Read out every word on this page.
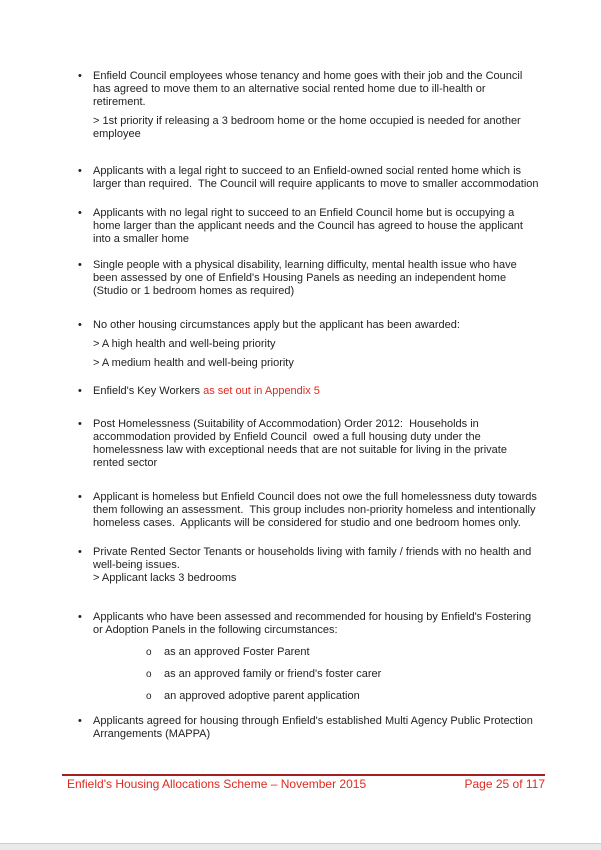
•	Enfield Council employees whose tenancy and home goes with their job and the Council has agreed to move them to an alternative social rented home due to ill-health or retirement.
> 1st priority if releasing a 3 bedroom home or the home occupied is needed for another employee
•	Applicants with a legal right to succeed to an Enfield-owned social rented home which is larger than required.  The Council will require applicants to move to smaller accommodation
•	Applicants with no legal right to succeed to an Enfield Council home but is occupying a home larger than the applicant needs and the Council has agreed to house the applicant into a smaller home
•	Single people with a physical disability, learning difficulty, mental health issue who have been assessed by one of Enfield's Housing Panels as needing an independent home  (Studio or 1 bedroom homes as required)
•	No other housing circumstances apply but the applicant has been awarded:
> A high health and well-being priority
> A medium health and well-being priority
•	Enfield's Key Workers as set out in Appendix 5
•	Post Homelessness (Suitability of Accommodation) Order 2012:  Households in accommodation provided by Enfield Council  owed a full housing duty under the homelessness law with exceptional needs that are not suitable for living in the private rented sector
•	Applicant is homeless but Enfield Council does not owe the full homelessness duty towards them following an assessment.  This group includes non-priority homeless and intentionally homeless cases.  Applicants will be considered for studio and one bedroom homes only.
•	Private Rented Sector Tenants or households living with family / friends with no health and well-being issues.
> Applicant lacks 3 bedrooms
•	Applicants who have been assessed and recommended for housing by Enfield's Fostering or Adoption Panels in the following circumstances:
o	as an approved Foster Parent
o	as an approved family or friend's foster carer
o	an approved adoptive parent application
•	Applicants agreed for housing through Enfield's established Multi Agency Public Protection Arrangements (MAPPA)
Enfield's Housing Allocations Scheme – November 2015	Page 25 of 117
